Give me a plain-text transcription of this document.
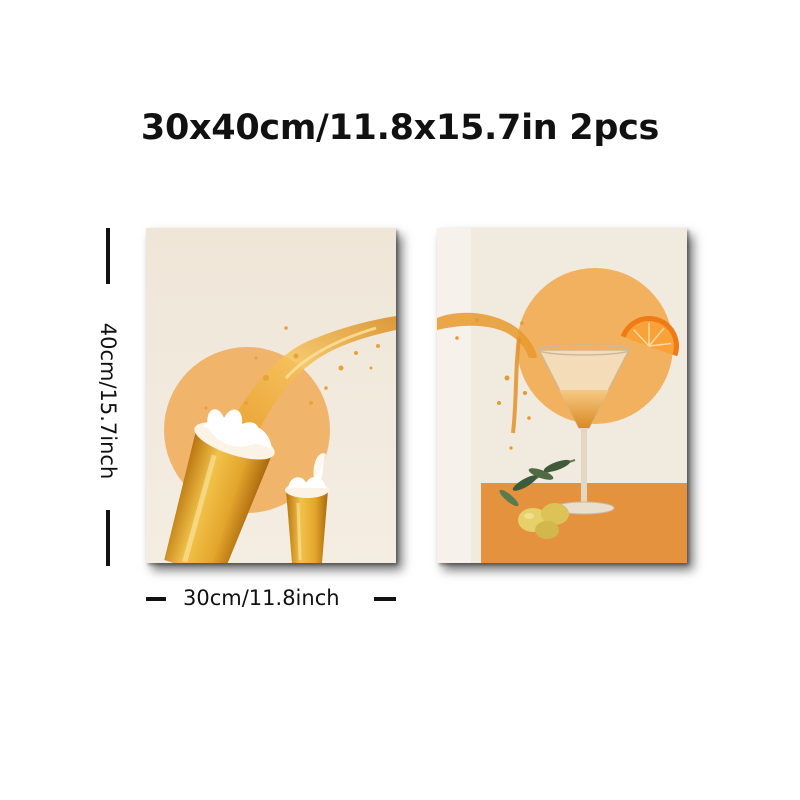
30x40cm/11.8x15.7in 2pcs
40cm/15.7inch
30cm/11.8inch
